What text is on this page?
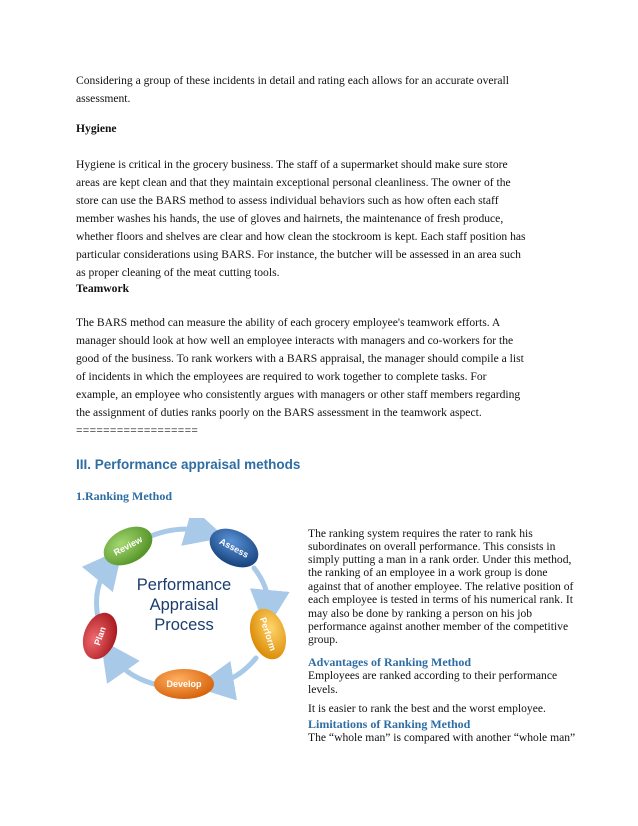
Considering a group of these incidents in detail and rating each allows for an accurate overall

assessment.

Hygiene

Hygiene is critical in the grocery business. The staff of a supermarket should make sure store

areas are kept clean and that they maintain exceptional personal cleanliness. The owner of the

store can use the BARS method to assess individual behaviors such as how often each staff

member washes his hands, the use of gloves and hairnets, the maintenance of fresh produce,

whether floors and shelves are clear and how clean the stockroom is kept. Each staff position has

particular considerations using BARS. For instance, the butcher will be assessed in an area such

as proper cleaning of the meat cutting tools.

Teamwork

The BARS method can measure the ability of each grocery employee's teamwork efforts. A

manager should look at how well an employee interacts with managers and co-workers for the

good of the business. To rank workers with a BARS appraisal, the manager should compile a list

of incidents in which the employees are required to work together to complete tasks. For

example, an employee who consistently argues with managers or other staff members regarding

the assignment of duties ranks poorly on the BARS assessment in the teamwork aspect.

==================

III. Performance appraisal methods

1.Ranking Method

Review	Assess
Perform
Develop
Plan
Performance
Appraisal
Process

The ranking system requires the rater to rank his

subordinates on overall performance. This consists in

simply putting a man in a rank order. Under this method,

the ranking of an employee in a work group is done

against that of another employee. The relative position of

each employee is tested in terms of his numerical rank. It

may also be done by ranking a person on his job

performance against another member of the competitive

group.

Advantages of Ranking Method

Employees are ranked according to their performance

levels.

It is easier to rank the best and the worst employee.

Limitations of Ranking Method

The “whole man” is compared with another “whole man”
